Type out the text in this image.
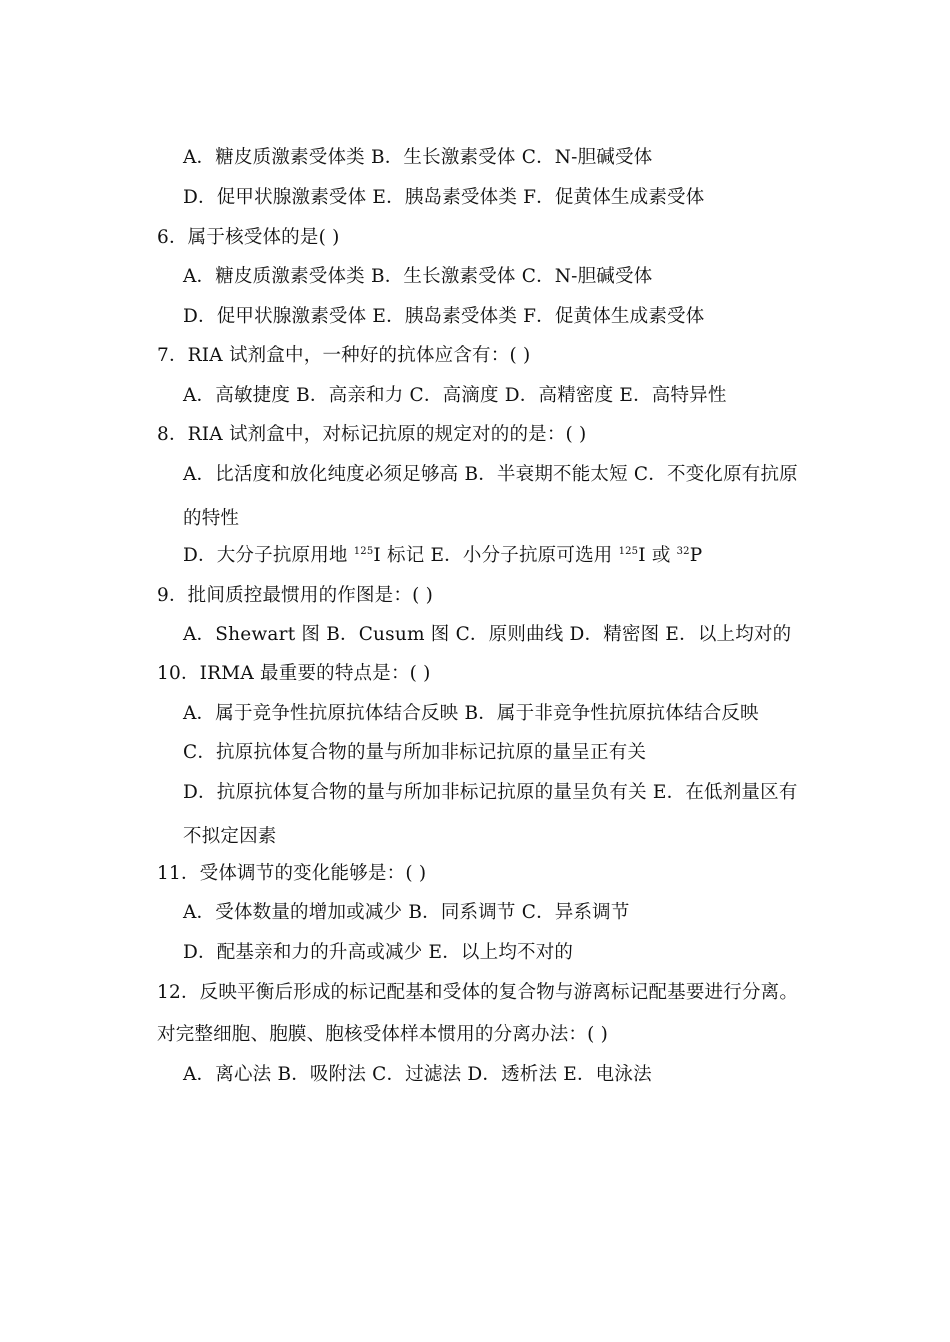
A．糖皮质激素受体类 B．生长激素受体 C．N-胆碱受体
D．促甲状腺激素受体 E．胰岛素受体类 F．促黄体生成素受体
6．属于核受体的是( )
A．糖皮质激素受体类 B．生长激素受体 C．N-胆碱受体
D．促甲状腺激素受体 E．胰岛素受体类 F．促黄体生成素受体
7．RIA 试剂盒中，一种好的抗体应含有：( )
A．高敏捷度 B．高亲和力 C．高滴度 D．高精密度 E．高特异性
8．RIA 试剂盒中，对标记抗原的规定对的的是：( )
A．比活度和放化纯度必须足够高 B．半衰期不能太短 C．不变化原有抗原
的特性
D．大分子抗原用地 $^{125}$I 标记 E．小分子抗原可选用 $^{125}$I 或 $^{32}$P
9．批间质控最惯用的作图是：( )
A．Shewart 图 B．Cusum 图 C．原则曲线 D．精密图 E．以上均对的
10．IRMA 最重要的特点是：( )
A．属于竞争性抗原抗体结合反映 B．属于非竞争性抗原抗体结合反映
C．抗原抗体复合物的量与所加非标记抗原的量呈正有关
D．抗原抗体复合物的量与所加非标记抗原的量呈负有关 E．在低剂量区有
不拟定因素
11．受体调节的变化能够是：( )
A．受体数量的增加或减少 B．同系调节 C．异系调节
D．配基亲和力的升高或减少 E．以上均不对的
12．反映平衡后形成的标记配基和受体的复合物与游离标记配基要进行分离。
对完整细胞、胞膜、胞核受体样本惯用的分离办法：( )
A．离心法 B．吸附法 C．过滤法 D．透析法 E．电泳法
